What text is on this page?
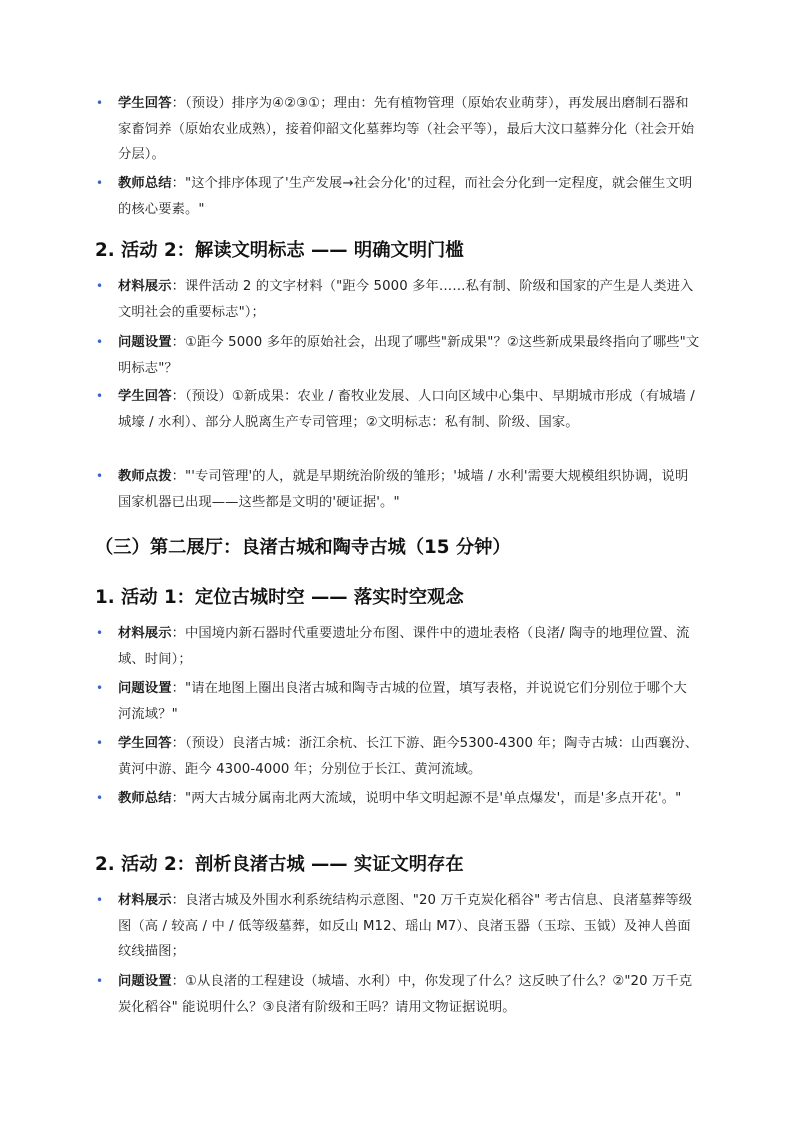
•	学生回答：（预设）排序为④②③①；理由：先有植物管理（原始农业萌芽），再发展出磨制石器和家畜饲养（原始农业成熟），接着仰韶文化墓葬均等（社会平等），最后大汶口墓葬分化（社会开始分层）。
•	教师总结："这个排序体现了'生产发展→社会分化'的过程，而社会分化到一定程度，就会催生文明的核心要素。"
2. 活动 2：解读文明标志 —— 明确文明门槛
•	材料展示：课件活动 2 的文字材料（"距今 5000 多年……私有制、阶级和国家的产生是人类进入文明社会的重要标志"）；
•	问题设置：①距今 5000 多年的原始社会，出现了哪些"新成果"？②这些新成果最终指向了哪些"文明标志"？
•	学生回答：（预设）①新成果：农业 / 畜牧业发展、人口向区域中心集中、早期城市形成（有城墙 / 城壕 / 水利）、部分人脱离生产专司管理；②文明标志：私有制、阶级、国家。
•	教师点拨："'专司管理'的人，就是早期统治阶级的雏形；'城墙 / 水利'需要大规模组织协调，说明国家机器已出现——这些都是文明的'硬证据'。"
（三）第二展厅：良渚古城和陶寺古城（15 分钟）
1. 活动 1：定位古城时空 —— 落实时空观念
•	材料展示：中国境内新石器时代重要遗址分布图、课件中的遗址表格（良渚/ 陶寺的地理位置、流域、时间）；
•	问题设置："请在地图上圈出良渚古城和陶寺古城的位置，填写表格，并说说它们分别位于哪个大河流域？"
•	学生回答：（预设）良渚古城：浙江余杭、长江下游、距今5300-4300 年；陶寺古城：山西襄汾、黄河中游、距今 4300-4000 年；分别位于长江、黄河流域。
•	教师总结："两大古城分属南北两大流域，说明中华文明起源不是'单点爆发'，而是'多点开花'。"
2. 活动 2：剖析良渚古城 —— 实证文明存在
•	材料展示：良渚古城及外围水利系统结构示意图、"20 万千克炭化稻谷" 考古信息、良渚墓葬等级图（高 / 较高 / 中 / 低等级墓葬，如反山 M12、瑶山 M7）、良渚玉器（玉琮、玉钺）及神人兽面纹线描图；
•	问题设置：①从良渚的工程建设（城墙、水利）中，你发现了什么？这反映了什么？②"20 万千克炭化稻谷" 能说明什么？③良渚有阶级和王吗？请用文物证据说明。
